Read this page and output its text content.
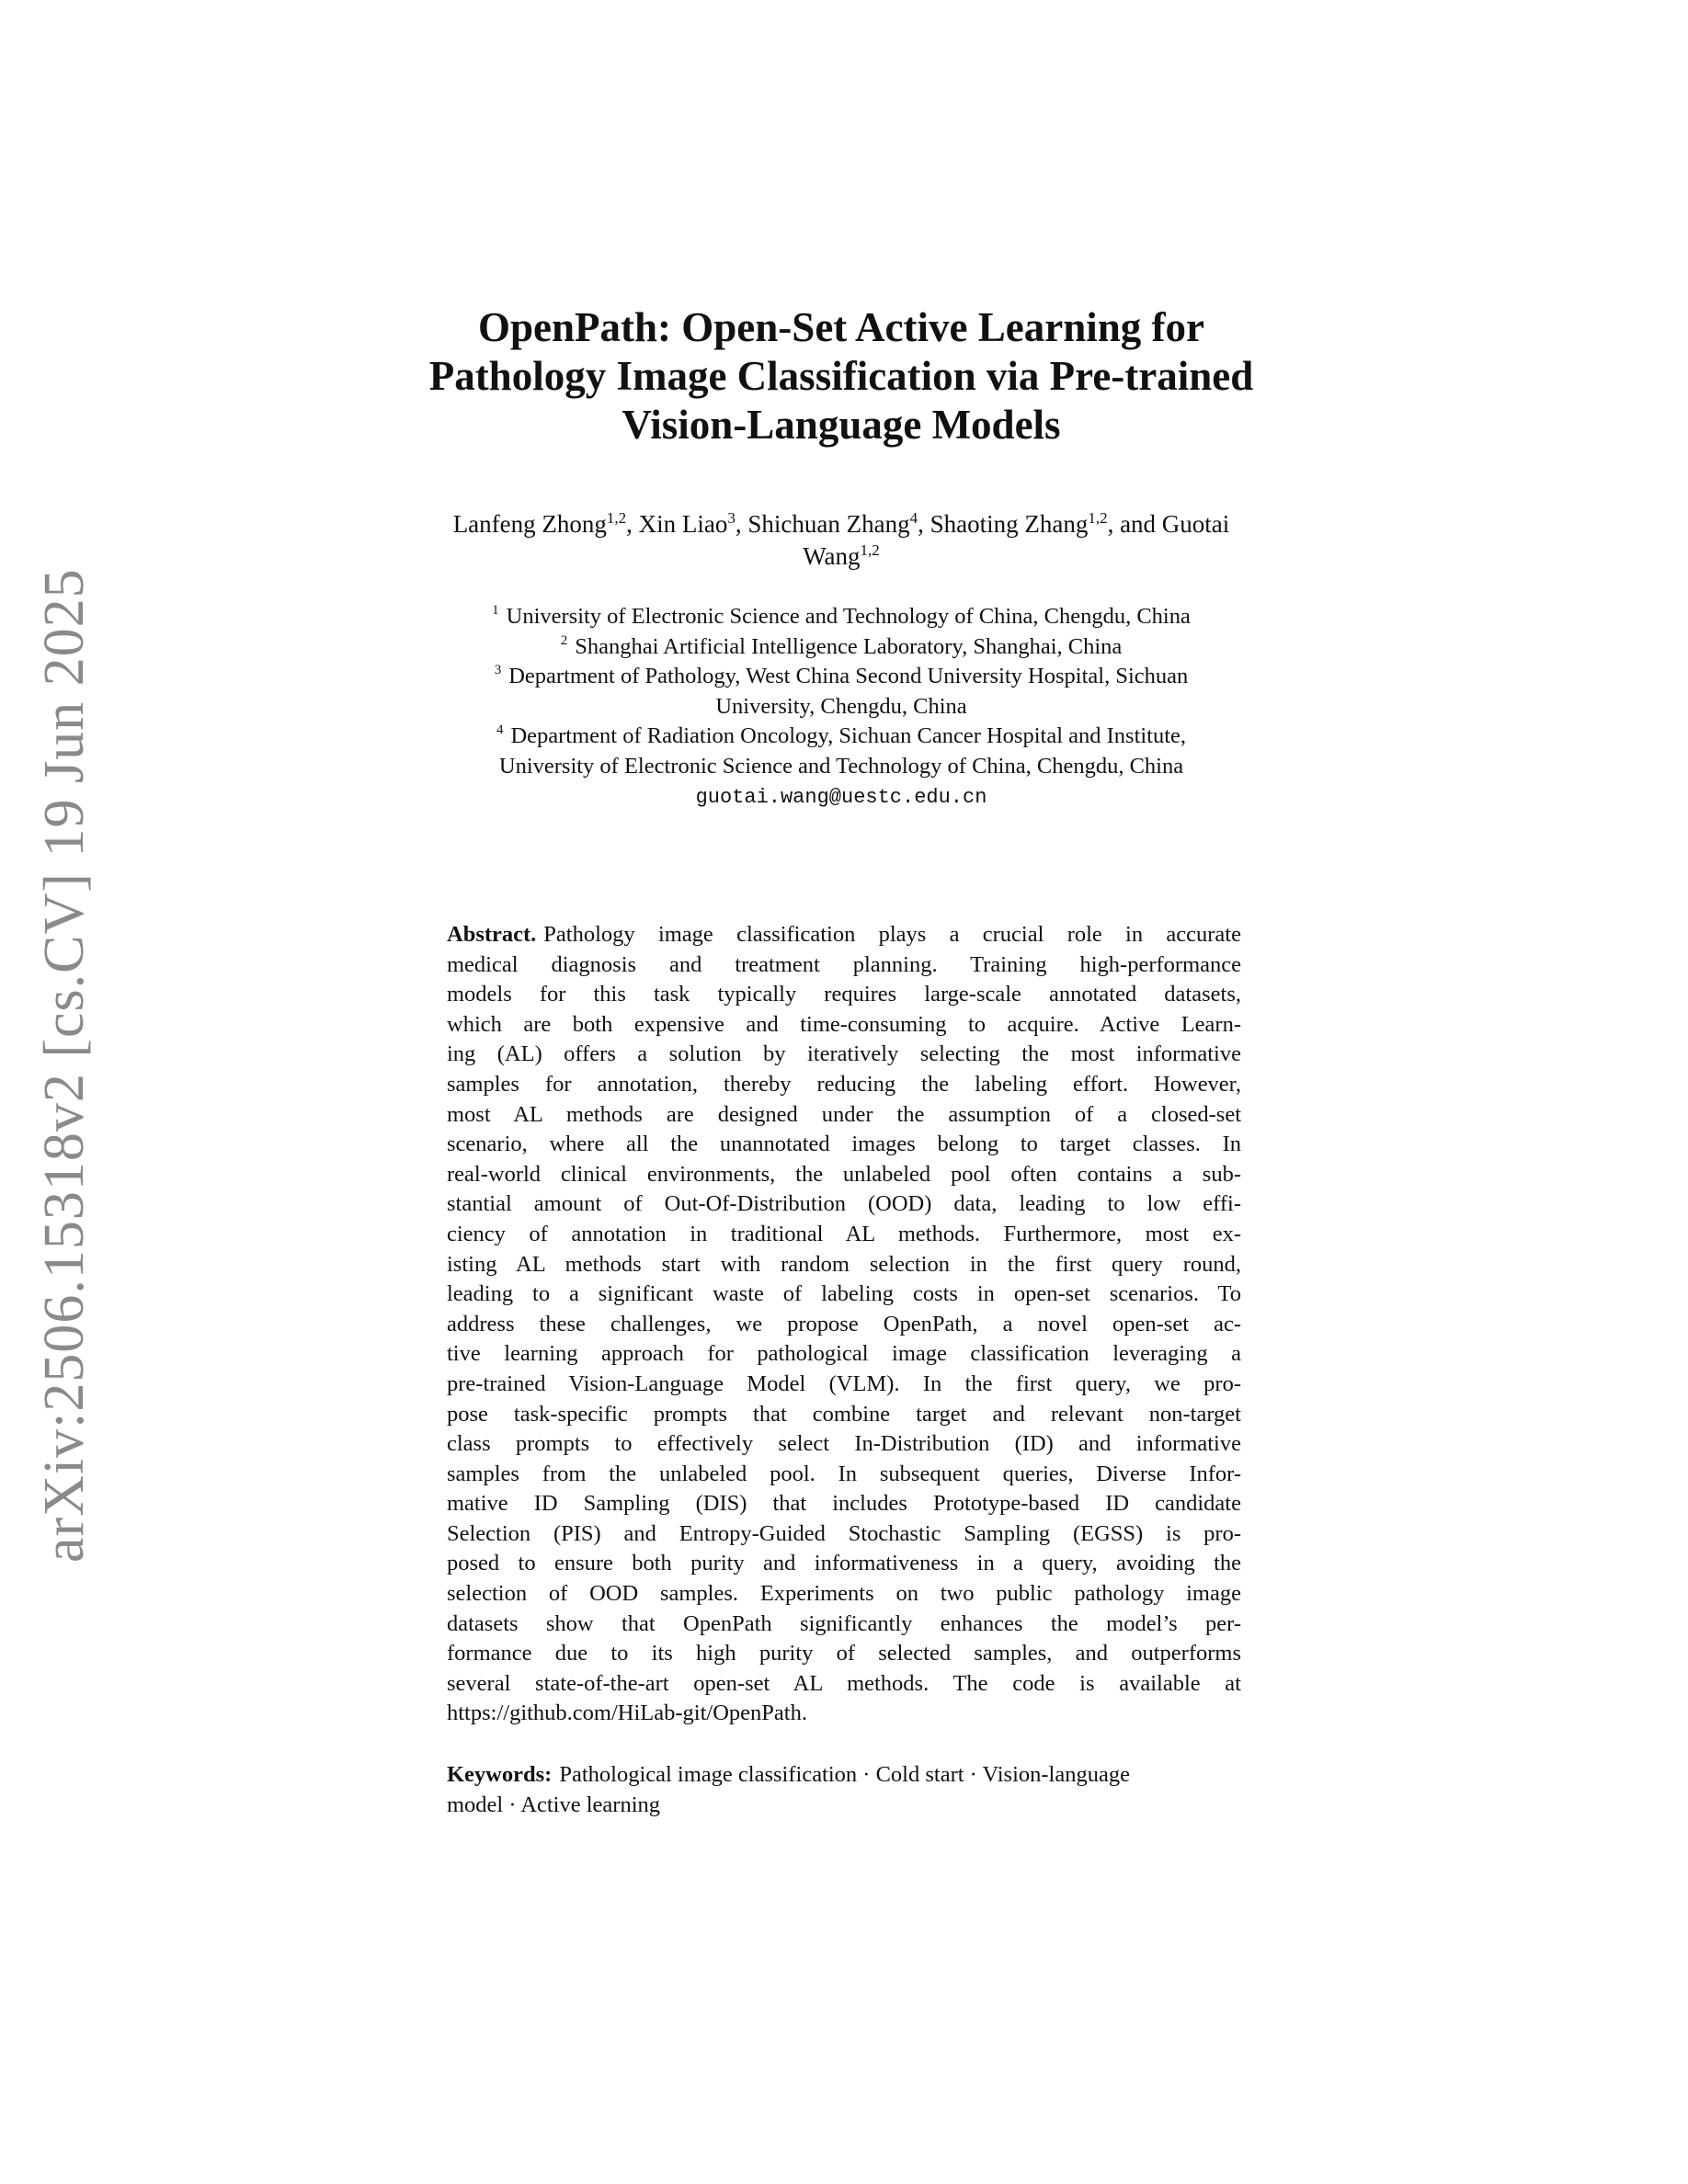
arXiv:2506.15318v2 [cs.CV] 19 Jun 2025
OpenPath: Open-Set Active Learning for
Pathology Image Classification via Pre-trained
Vision-Language Models
Lanfeng Zhong$^{1,2}$, Xin Liao$^3$, Shichuan Zhang$^4$, Shaoting Zhang$^{1,2}$, and Guotai
Wang$^{1,2}$
$^1$ University of Electronic Science and Technology of China, Chengdu, China
$^2$ Shanghai Artificial Intelligence Laboratory, Shanghai, China
$^3$ Department of Pathology, West China Second University Hospital, Sichuan
University, Chengdu, China
$^4$ Department of Radiation Oncology, Sichuan Cancer Hospital and Institute,
University of Electronic Science and Technology of China, Chengdu, China
guotai.wang@uestc.edu.cn
Abstract. Pathology image classification plays a crucial role in accurate
medical diagnosis and treatment planning. Training high-performance
models for this task typically requires large-scale annotated datasets,
which are both expensive and time-consuming to acquire. Active Learn-
ing (AL) offers a solution by iteratively selecting the most informative
samples for annotation, thereby reducing the labeling effort. However,
most AL methods are designed under the assumption of a closed-set
scenario, where all the unannotated images belong to target classes. In
real-world clinical environments, the unlabeled pool often contains a sub-
stantial amount of Out-Of-Distribution (OOD) data, leading to low effi-
ciency of annotation in traditional AL methods. Furthermore, most ex-
isting AL methods start with random selection in the first query round,
leading to a significant waste of labeling costs in open-set scenarios. To
address these challenges, we propose OpenPath, a novel open-set ac-
tive learning approach for pathological image classification leveraging a
pre-trained Vision-Language Model (VLM). In the first query, we pro-
pose task-specific prompts that combine target and relevant non-target
class prompts to effectively select In-Distribution (ID) and informative
samples from the unlabeled pool. In subsequent queries, Diverse Infor-
mative ID Sampling (DIS) that includes Prototype-based ID candidate
Selection (PIS) and Entropy-Guided Stochastic Sampling (EGSS) is pro-
posed to ensure both purity and informativeness in a query, avoiding the
selection of OOD samples. Experiments on two public pathology image
datasets show that OpenPath significantly enhances the model’s per-
formance due to its high purity of selected samples, and outperforms
several state-of-the-art open-set AL methods. The code is available at
https://github.com/HiLab-git/OpenPath.
Keywords: Pathological image classification · Cold start · Vision-language
model · Active learning
